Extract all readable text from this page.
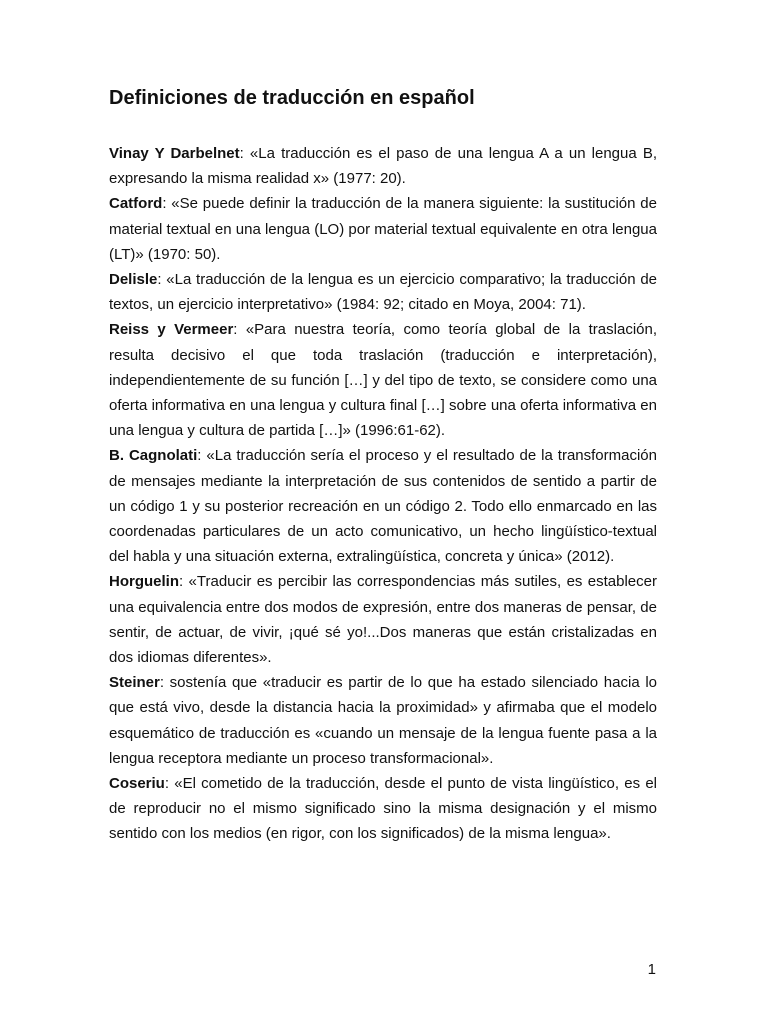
Definiciones de traducción en español

Vinay Y Darbelnet: «La traducción es el paso de una lengua A a un lengua B, expresando la misma realidad x» (1977: 20).

Catford: «Se puede definir la traducción de la manera siguiente: la sustitución de material textual en una lengua (LO) por material textual equivalente en otra lengua (LT)» (1970: 50).

Delisle: «La traducción de la lengua es un ejercicio comparativo; la traducción de textos, un ejercicio interpretativo» (1984: 92; citado en Moya, 2004: 71).

Reiss y Vermeer: «Para nuestra teoría, como teoría global de la traslación, resulta decisivo el que toda traslación (traducción e interpretación), independientemente de su función […] y del tipo de texto, se considere como una oferta informativa en una lengua y cultura final […] sobre una oferta informativa en una lengua y cultura de partida […]» (1996:61-62).

B. Cagnolati: «La traducción sería el proceso y el resultado de la transformación de mensajes mediante la interpretación de sus contenidos de sentido a partir de un código 1 y su posterior recreación en un código 2. Todo ello enmarcado en las coordenadas particulares de un acto comunicativo, un hecho lingüístico-textual del habla y una situación externa, extralingüística, concreta y única» (2012).

Horguelin: «Traducir es percibir las correspondencias más sutiles, es establecer una equivalencia entre dos modos de expresión, entre dos maneras de pensar, de sentir, de actuar, de vivir, ¡qué sé yo!...Dos maneras que están cristalizadas en dos idiomas diferentes».

Steiner: sostenía que «traducir es partir de lo que ha estado silenciado hacia lo que está vivo, desde la distancia hacia la proximidad» y afirmaba que el modelo esquemático de traducción es «cuando un mensaje de la lengua fuente pasa a la lengua receptora mediante un proceso transformacional».

Coseriu: «El cometido de la traducción, desde el punto de vista lingüístico, es el de reproducir no el mismo significado sino la misma designación y el mismo sentido con los medios (en rigor, con los significados) de la misma lengua».

1
